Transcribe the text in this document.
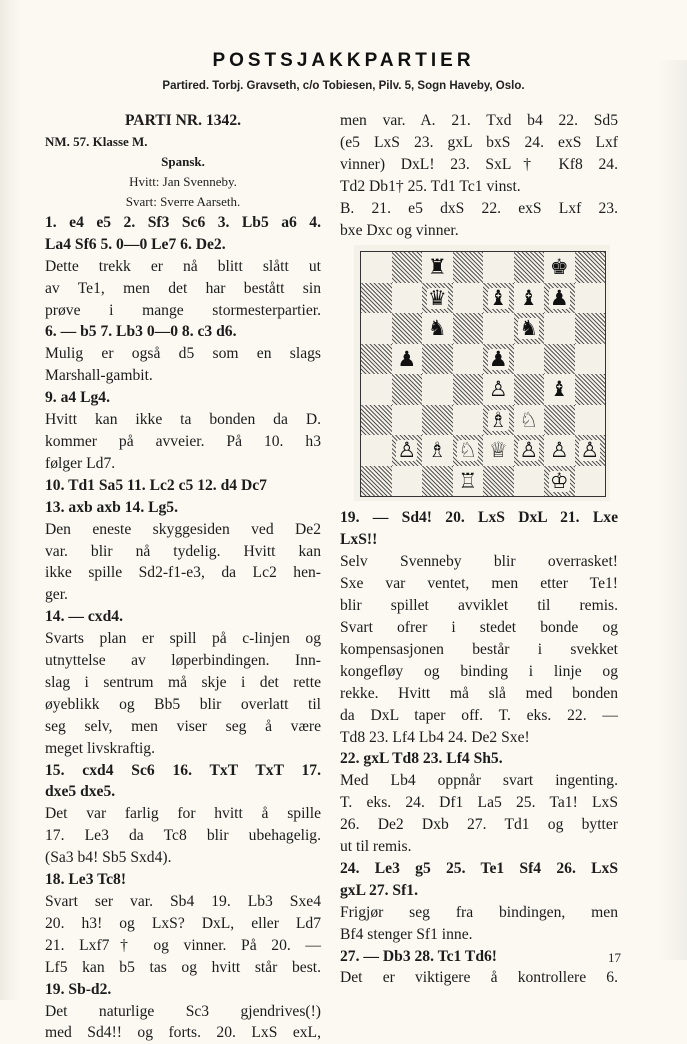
POSTSJAKKPARTIER
Partired. Torbj. Gravseth, c/o Tobiesen, Pilv. 5, Sogn Haveby, Oslo.
PARTI NR. 1342.
NM. 57. Klasse M.
Spansk.
Hvitt: Jan Svenneby.
Svart: Sverre Aarseth.
1. e4 e5 2. Sf3 Sc6 3. Lb5 a6 4.
La4 Sf6 5. 0—0 Le7 6. De2.
Dette trekk er nå blitt slått ut
av Te1, men det har bestått sin
prøve i mange stormesterpartier.
6. — b5 7. Lb3 0—0 8. c3 d6.
Mulig er også d5 som en slags
Marshall-gambit.
9. a4 Lg4.
Hvitt kan ikke ta bonden da D.
kommer på avveier. På 10. h3
følger Ld7.
10. Td1 Sa5 11. Lc2 c5 12. d4 Dc7
13. axb axb 14. Lg5.
Den eneste skyggesiden ved De2
var. blir nå tydelig. Hvitt kan
ikke spille Sd2-f1-e3, da Lc2 hen-
ger.
14. — cxd4.
Svarts plan er spill på c-linjen og
utnyttelse av løperbindingen. Inn-
slag i sentrum må skje i det rette
øyeblikk og Bb5 blir overlatt til
seg selv, men viser seg å være
meget livskraftig.
15. cxd4 Sc6 16. TxT TxT 17.
dxe5 dxe5.
Det var farlig for hvitt å spille
17. Le3 da Tc8 blir ubehagelig.
(Sa3 b4! Sb5 Sxd4).
18. Le3 Tc8!
Svart ser var. Sb4 19. Lb3 Sxe4
20. h3! og LxS? DxL, eller Ld7
21. Lxf7† og vinner. På 20. —
Lf5 kan b5 tas og hvitt står best.
19. Sb-d2.
Det naturlige Sc3 gjendrives(!)
med Sd4!! og forts. 20. LxS exL,
men var. A. 21. Txd b4 22. Sd5
(e5 LxS 23. gxL bxS 24. exS Lxf
vinner) DxL! 23. SxL† Kf8 24.
Td2 Db1† 25. Td1 Tc1 vinst.
B. 21. e5 dxS 22. exS Lxf 23.
bxe Dxc og vinner.
♜	♚
♛ ♝ ♝ ♟
♞	♞
♟	♟
♙ ♝
♗ ♘
♙ ♗ ♘ ♕ ♙ ♙ ♙
♖	♔
19. — Sd4! 20. LxS DxL 21. Lxe
LxS!!
Selv Svenneby blir overrasket!
Sxe var ventet, men etter Te1!
blir spillet avviklet til remis.
Svart ofrer i stedet bonde og
kompensasjonen består i svekket
kongefløy og binding i linje og
rekke. Hvitt må slå med bonden
da DxL taper off. T. eks. 22. —
Td8 23. Lf4 Lb4 24. De2 Sxe!
22. gxL Td8 23. Lf4 Sh5.
Med Lb4 oppnår svart ingenting.
T. eks. 24. Df1 La5 25. Ta1! LxS
26. De2 Dxb 27. Td1 og bytter
ut til remis.
24. Le3 g5 25. Te1 Sf4 26. LxS
gxL 27. Sf1.
Frigjør seg fra bindingen, men
Bf4 stenger Sf1 inne.
27. — Db3 28. Tc1 Td6!
Det er viktigere å kontrollere 6.
17
